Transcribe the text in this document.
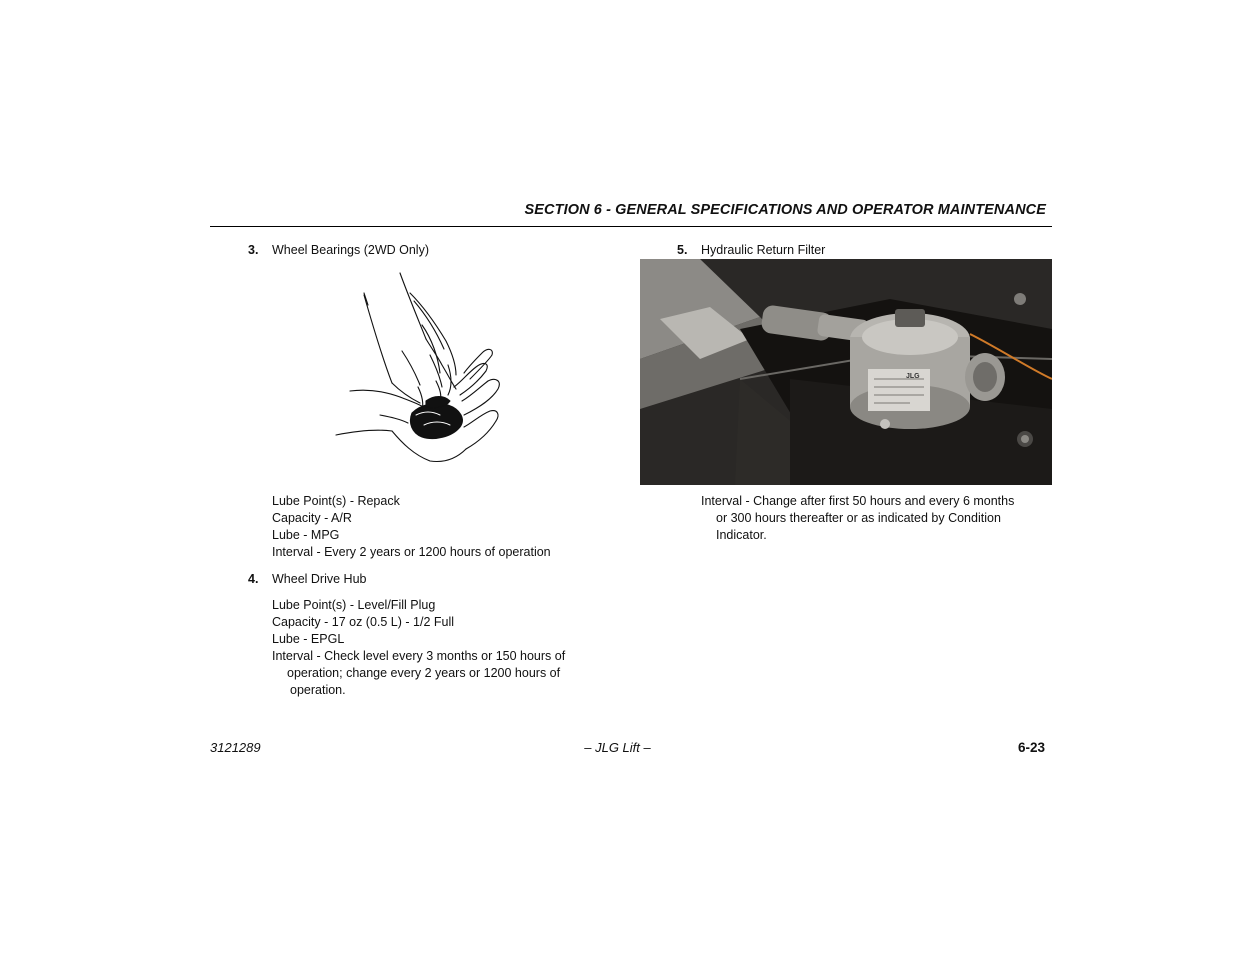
SECTION 6 - GENERAL SPECIFICATIONS AND OPERATOR MAINTENANCE
3. Wheel Bearings (2WD Only)
Lube Point(s) - Repack
Capacity - A/R
Lube - MPG
Interval - Every 2 years or 1200 hours of operation
4. Wheel Drive Hub
Lube Point(s) - Level/Fill Plug
Capacity - 17 oz (0.5 L) - 1/2 Full
Lube - EPGL
Interval - Check level every 3 months or 150 hours of
operation; change every 2 years or 1200 hours of
operation.
5. Hydraulic Return Filter
JLG
Interval - Change after first 50 hours and every 6 months
or 300 hours thereafter or as indicated by Condition
Indicator.
3121289	– JLG Lift –	6-23
